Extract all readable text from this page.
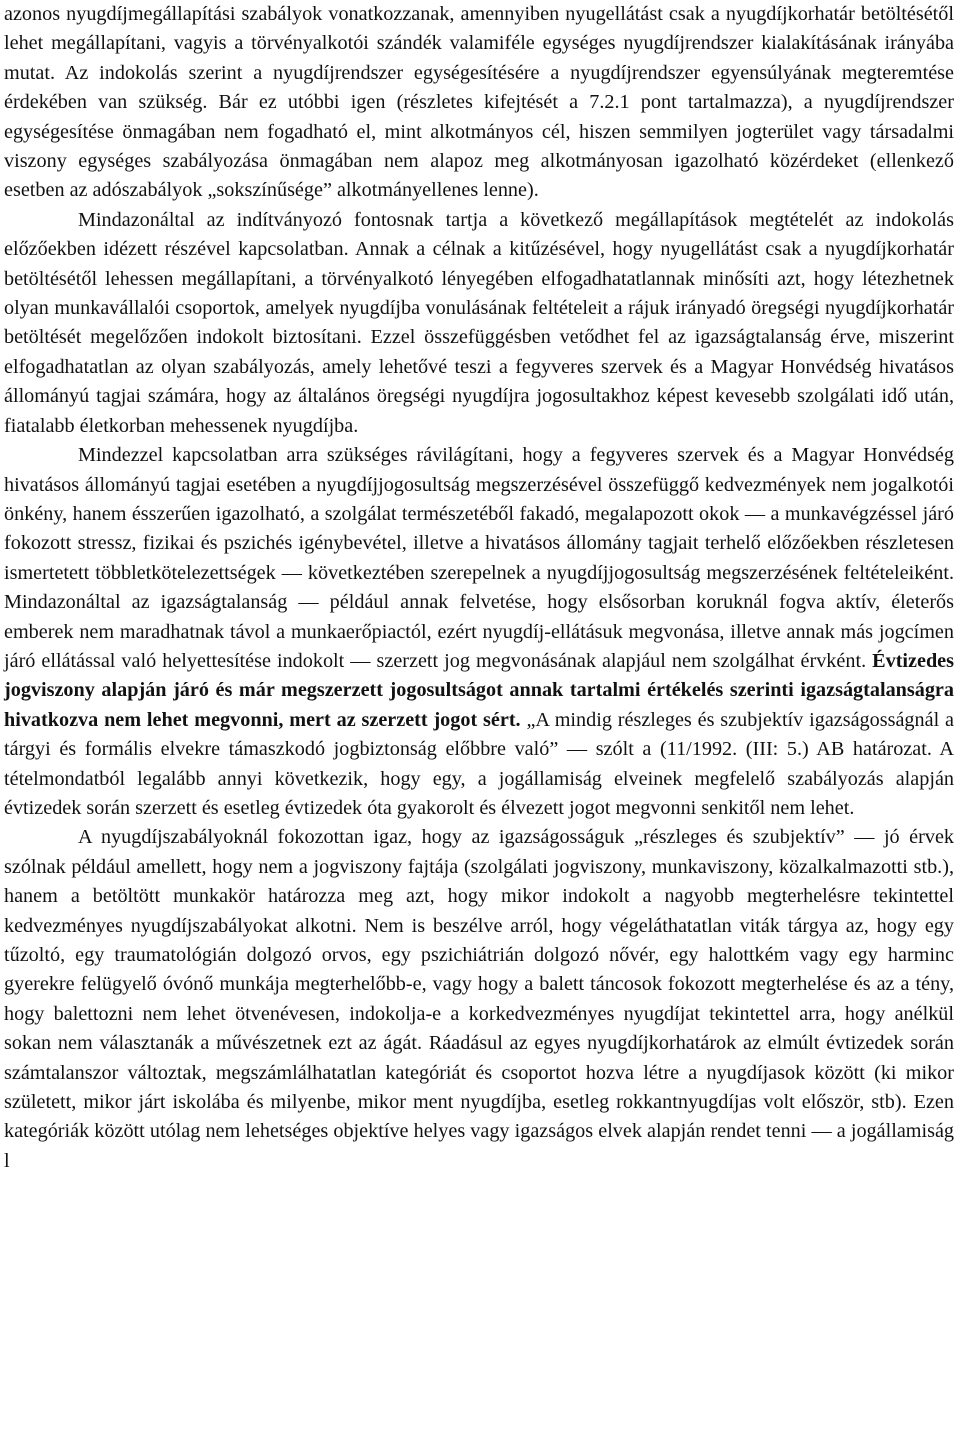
azonos nyugdíjmegállapítási szabályok vonatkozzanak, amennyiben nyugellátást csak a nyugdíjkorhatár betöltésétől lehet megállapítani, vagyis a törvényalkotói szándék valamiféle egységes nyugdíjrendszer kialakításának irányába mutat. Az indokolás szerint a nyugdíjrendszer egységesítésére a nyugdíjrendszer egyensúlyának megteremtése érdekében van szükség. Bár ez utóbbi igen (részletes kifejtését a 7.2.1 pont tartalmazza), a nyugdíjrendszer egységesítése önmagában nem fogadható el, mint alkotmányos cél, hiszen semmilyen jogterület vagy társadalmi viszony egységes szabályozása önmagában nem alapoz meg alkotmányosan igazolható közérdeket (ellenkező esetben az adószabályok „sokszínűsége” alkotmányellenes lenne).

Mindazonáltal az indítványozó fontosnak tartja a következő megállapítások megtételét az indokolás előzőekben idézett részével kapcsolatban. Annak a célnak a kitűzésével, hogy nyugellátást csak a nyugdíjkorhatár betöltésétől lehessen megállapítani, a törvényalkotó lényegében elfogadhatatlannak minősíti azt, hogy létezhetnek olyan munkavállalói csoportok, amelyek nyugdíjba vonulásának feltételeit a rájuk irányadó öregségi nyugdíjkorhatár betöltését megelőzően indokolt biztosítani. Ezzel összefüggésben vetődhet fel az igazságtalanság érve, miszerint elfogadhatatlan az olyan szabályozás, amely lehetővé teszi a fegyveres szervek és a Magyar Honvédség hivatásos állományú tagjai számára, hogy az általános öregségi nyugdíjra jogosultakhoz képest kevesebb szolgálati idő után, fiatalabb életkorban mehessenek nyugdíjba.

Mindezzel kapcsolatban arra szükséges rávilágítani, hogy a fegyveres szervek és a Magyar Honvédség hivatásos állományú tagjai esetében a nyugdíjjogosultság megszerzésével összefüggő kedvezmények nem jogalkotói önkény, hanem ésszerűen igazolható, a szolgálat természetéből fakadó, megalapozott okok — a munkavégzéssel járó fokozott stressz, fizikai és pszichés igénybevétel, illetve a hivatásos állomány tagjait terhelő előzőekben részletesen ismertetett többletkötelezettségek — következtében szerepelnek a nyugdíjjogosultság megszerzésének feltételeiként. Mindazonáltal az igazságtalanság — például annak felvetése, hogy elsősorban koruknál fogva aktív, életerős emberek nem maradhatnak távol a munkaerőpiactól, ezért nyugdíj-ellátásuk megvonása, illetve annak más jogcímen járó ellátással való helyettesítése indokolt — szerzett jog megvonásának alapjául nem szolgálhat érvként. Évtizedes jogviszony alapján járó és már megszerzett jogosultságot annak tartalmi értékelés szerinti igazságtalanságra hivatkozva nem lehet megvonni, mert az szerzett jogot sért. „A mindig részleges és szubjektív igazságosságnál a tárgyi és formális elvekre támaszkodó jogbiztonság előbbre való” — szólt a (11/1992. (III: 5.) AB határozat. A tételmondatból legalább annyi következik, hogy egy, a jogállamiság elveinek megfelelő szabályozás alapján évtizedek során szerzett és esetleg évtizedek óta gyakorolt és élvezett jogot megvonni senkitől nem lehet.

A nyugdíjszabályoknál fokozottan igaz, hogy az igazságosságuk „részleges és szubjektív” — jó érvek szólnak például amellett, hogy nem a jogviszony fajtája (szolgálati jogviszony, munkaviszony, közalkalmazotti stb.), hanem a betöltött munkakör határozza meg azt, hogy mikor indokolt a nagyobb megterhelésre tekintettel kedvezményes nyugdíjszabályokat alkotni. Nem is beszélve arról, hogy végeláthatatlan viták tárgya az, hogy egy tűzoltó, egy traumatológián dolgozó orvos, egy pszichiátrián dolgozó nővér, egy halottkém vagy egy harminc gyerekre felügyelő óvónő munkája megterhelőbb-e, vagy hogy a balett táncosok fokozott megterhelése és az a tény, hogy balettozni nem lehet ötvenévesen, indokolja-e a korkedvezményes nyugdíjat tekintettel arra, hogy anélkül sokan nem választanák a művészetnek ezt az ágát. Ráadásul az egyes nyugdíjkorhatárok az elmúlt évtizedek során számtalanszor változtak, megszámlálhatatlan kategóriát és csoportot hozva létre a nyugdíjasok között (ki mikor született, mikor járt iskolába és milyenbe, mikor ment nyugdíjba, esetleg rokkantnyugdíjas volt először, stb). Ezen kategóriák között utólag nem lehetséges objektíve helyes vagy igazságos elvek alapján rendet tenni — a jogállamiság l
